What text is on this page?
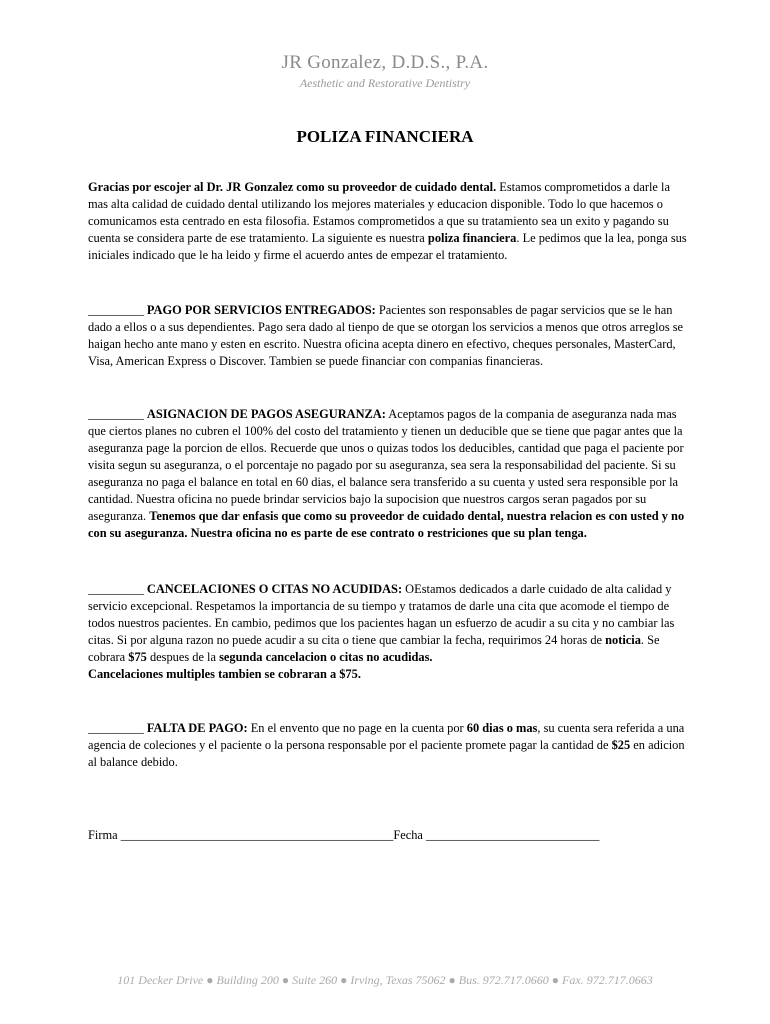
JR Gonzalez, D.D.S., P.A.
Aesthetic and Restorative Dentistry
POLIZA FINANCIERA
Gracias por escojer al Dr. JR Gonzalez como su proveedor de cuidado dental. Estamos comprometidos a darle la mas alta calidad de cuidado dental utilizando los mejores materiales y educacion disponible. Todo lo que hacemos o comunicamos esta centrado en esta filosofia. Estamos comprometidos a que su tratamiento sea un exito y pagando su cuenta se considera parte de ese tratamiento. La siguiente es nuestra poliza financiera. Le pedimos que la lea, ponga sus iniciales indicado que le ha leido y firme el acuerdo antes de empezar el tratamiento.
_________ PAGO POR SERVICIOS ENTREGADOS: Pacientes son responsables de pagar servicios que se le han dado a ellos o a sus dependientes. Pago sera dado al tienpo de que se otorgan los servicios a menos que otros arreglos se haigan hecho ante mano y esten en escrito. Nuestra oficina acepta dinero en efectivo, cheques personales, MasterCard, Visa, American Express o Discover. Tambien se puede financiar con companias financieras.
_________ ASIGNACION DE PAGOS ASEGURANZA: Aceptamos pagos de la compania de aseguranza nada mas que ciertos planes no cubren el 100% del costo del tratamiento y tienen un deducible que se tiene que pagar antes que la aseguranza page la porcion de ellos. Recuerde que unos o quizas todos los deducibles, cantidad que paga el paciente por visita segun su aseguranza, o el porcentaje no pagado por su aseguranza, sea sera la responsabilidad del paciente. Si su aseguranza no paga el balance en total en 60 dias, el balance sera transferido a su cuenta y usted sera responsible por la cantidad. Nuestra oficina no puede brindar servicios bajo la supocision que nuestros cargos seran pagados por su aseguranza. Tenemos que dar enfasis que como su proveedor de cuidado dental, nuestra relacion es con usted y no con su aseguranza. Nuestra oficina no es parte de ese contrato o restriciones que su plan tenga.
_________ CANCELACIONES O CITAS NO ACUDIDAS: OEstamos dedicados a darle cuidado de alta calidad y servicio excepcional. Respetamos la importancia de su tiempo y tratamos de darle una cita que acomode el tiempo de todos nuestros pacientes. En cambio, pedimos que los pacientes hagan un esfuerzo de acudir a su cita y no cambiar las citas. Si por alguna razon no puede acudir a su cita o tiene que cambiar la fecha, requirimos 24 horas de noticia. Se cobrara $75 despues de la segunda cancelacion o citas no acudidas.
Cancelaciones multiples tambien se cobraran a $75.
_________ FALTA DE PAGO: En el envento que no page en la cuenta por 60 dias o mas, su cuenta sera referida a una agencia de coleciones y el paciente o la persona responsable por el paciente promete pagar la cantidad de $25 en adicion al balance debido.
Firma ____________________________________________Fecha ____________________________
101 Decker Drive ● Building 200 ● Suite 260 ● Irving, Texas 75062 ● Bus. 972.717.0660 ● Fax. 972.717.0663
